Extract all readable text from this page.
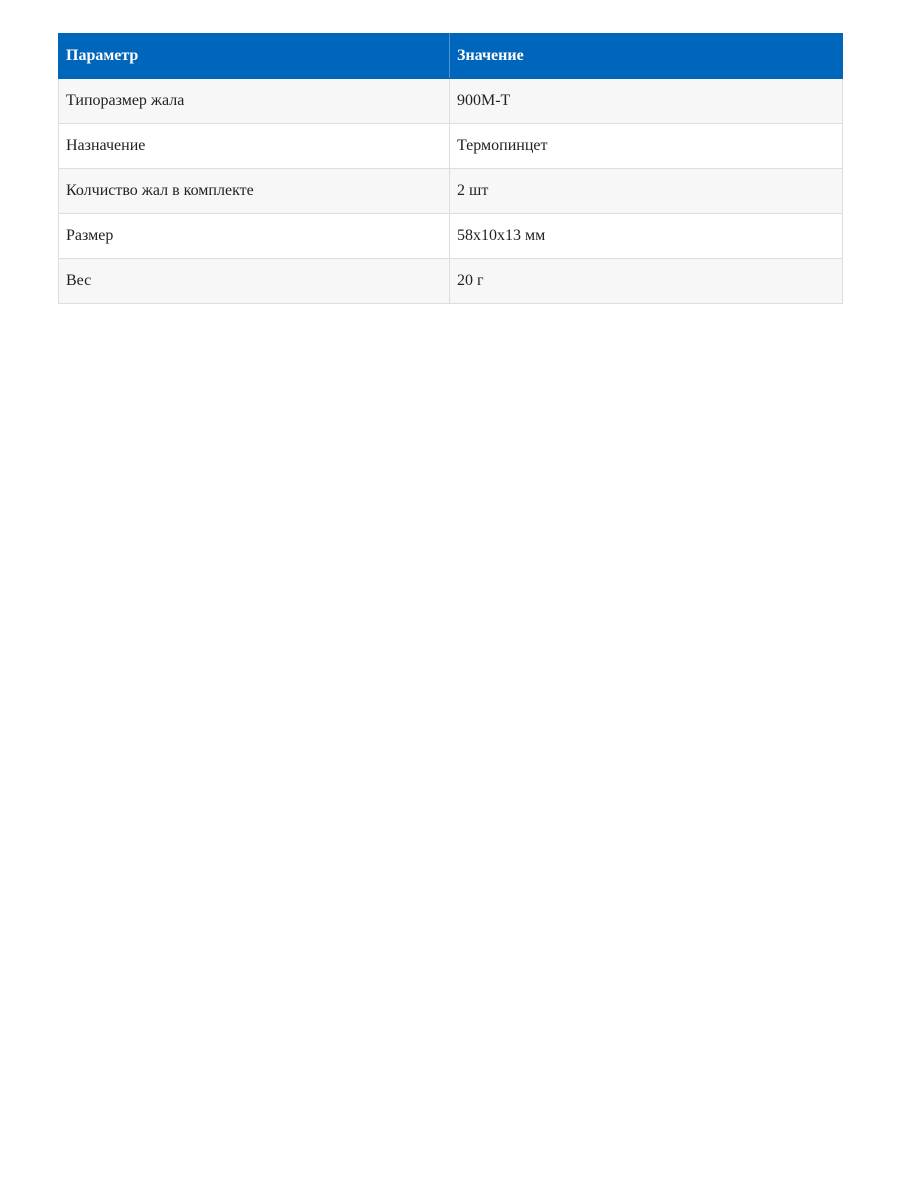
Параметр	Значение
Типоразмер жала	900M-T
Назначение	Термопинцет
Колчиство жал в комплекте	2 шт
Размер	58x10x13 мм
Вес	20 г
